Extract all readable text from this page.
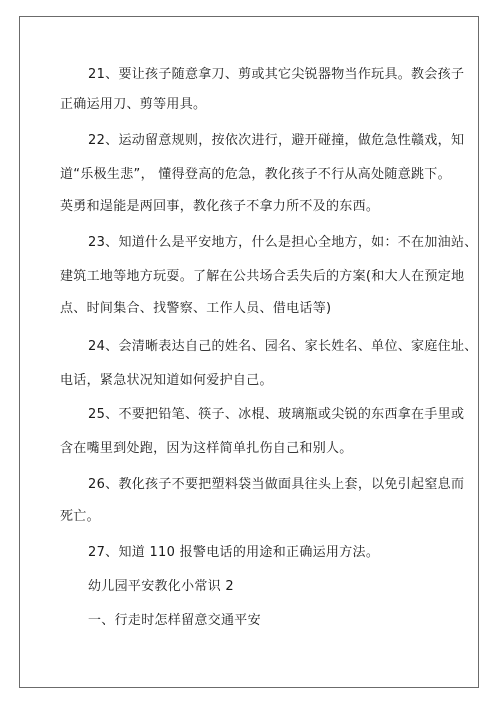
21、要让孩子随意拿刀、剪或其它尖锐器物当作玩具。教会孩子
正确运用刀、剪等用具。
22、运动留意规则，按依次进行，避开碰撞，做危急性赣戏，知
道“乐极生悲”， 懂得登高的危急，教化孩子不行从高处随意跳下。
英勇和逞能是两回事，教化孩子不拿力所不及的东西。
23、知道什么是平安地方，什么是担心全地方，如：不在加油站、
建筑工地等地方玩耍。了解在公共场合丢失后的方案(和大人在预定地
点、时间集合、找警察、工作人员、借电话等)
24、会清晰表达自己的姓名、园名、家长姓名、单位、家庭住址、
电话，紧急状况知道如何爱护自己。
25、不要把铅笔、筷子、冰棍、玻璃瓶或尖锐的东西拿在手里或
含在嘴里到处跑，因为这样简单扎伤自己和别人。
26、教化孩子不要把塑料袋当做面具往头上套，以免引起窒息而
死亡。
27、知道 110 报警电话的用途和正确运用方法。
幼儿园平安教化小常识 2
一、行走时怎样留意交通平安
